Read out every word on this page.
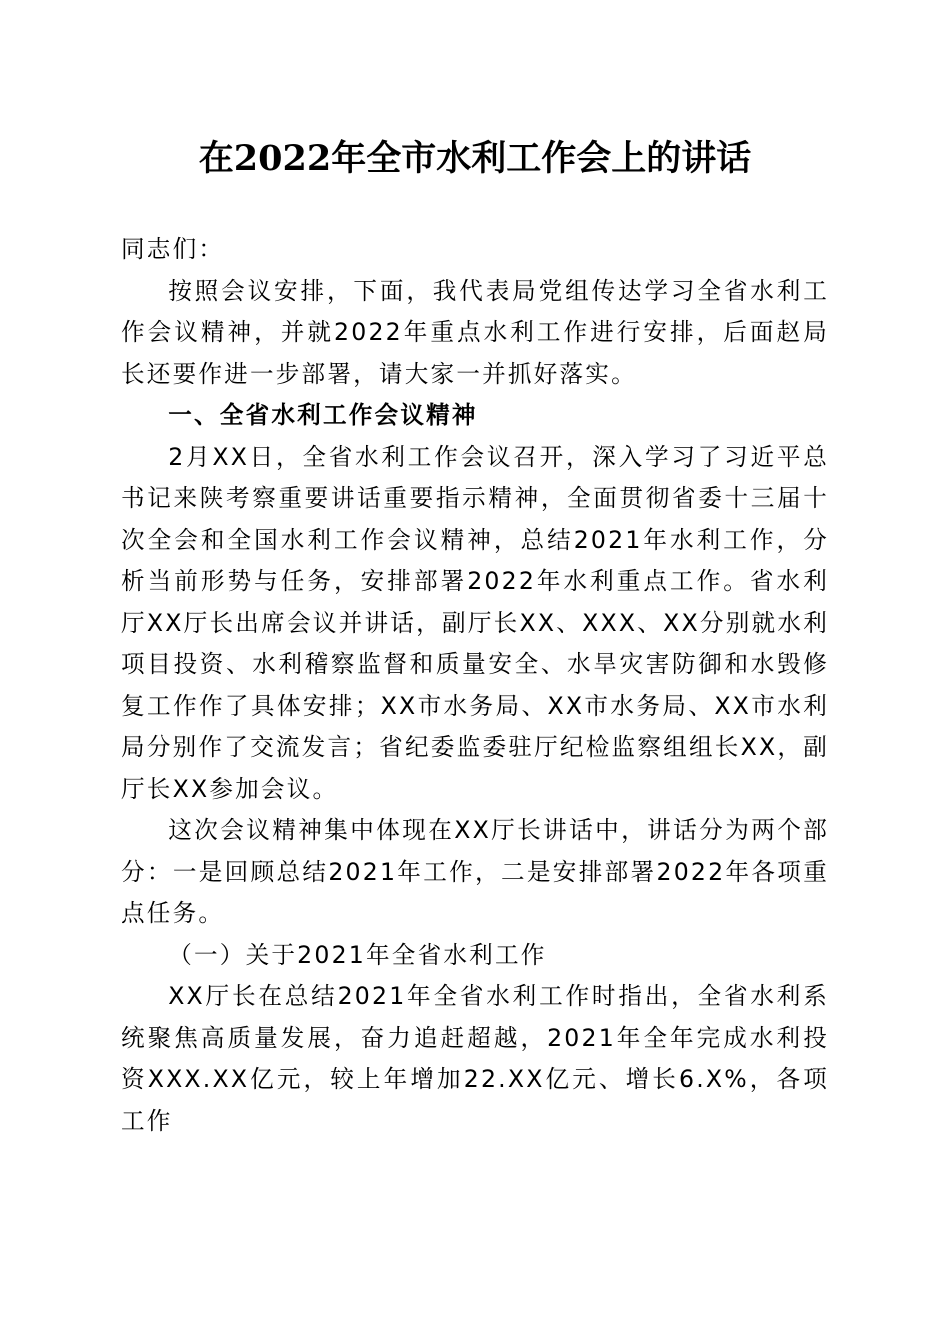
在2022年全市水利工作会上的讲话

同志们：

按照会议安排，下面，我代表局党组传达学习全省水利工作会议精神，并就2022年重点水利工作进行安排，后面赵局长还要作进一步部署，请大家一并抓好落实。

一、全省水利工作会议精神

2月XX日，全省水利工作会议召开，深入学习了习近平总书记来陕考察重要讲话重要指示精神，全面贯彻省委十三届十次全会和全国水利工作会议精神，总结2021年水利工作，分析当前形势与任务，安排部署2022年水利重点工作。省水利厅XX厅长出席会议并讲话，副厅长XX、XXX、XX分别就水利项目投资、水利稽察监督和质量安全、水旱灾害防御和水毁修复工作作了具体安排；XX市水务局、XX市水务局、XX市水利局分别作了交流发言；省纪委监委驻厅纪检监察组组长XX，副厅长XX参加会议。

这次会议精神集中体现在XX厅长讲话中，讲话分为两个部分：一是回顾总结2021年工作，二是安排部署2022年各项重点任务。

（一）关于2021年全省水利工作

XX厅长在总结2021年全省水利工作时指出，全省水利系统聚焦高质量发展，奋力追赶超越，2021年全年完成水利投资XXX.XX亿元，较上年增加22.XX亿元、增长6.X%，各项工作
